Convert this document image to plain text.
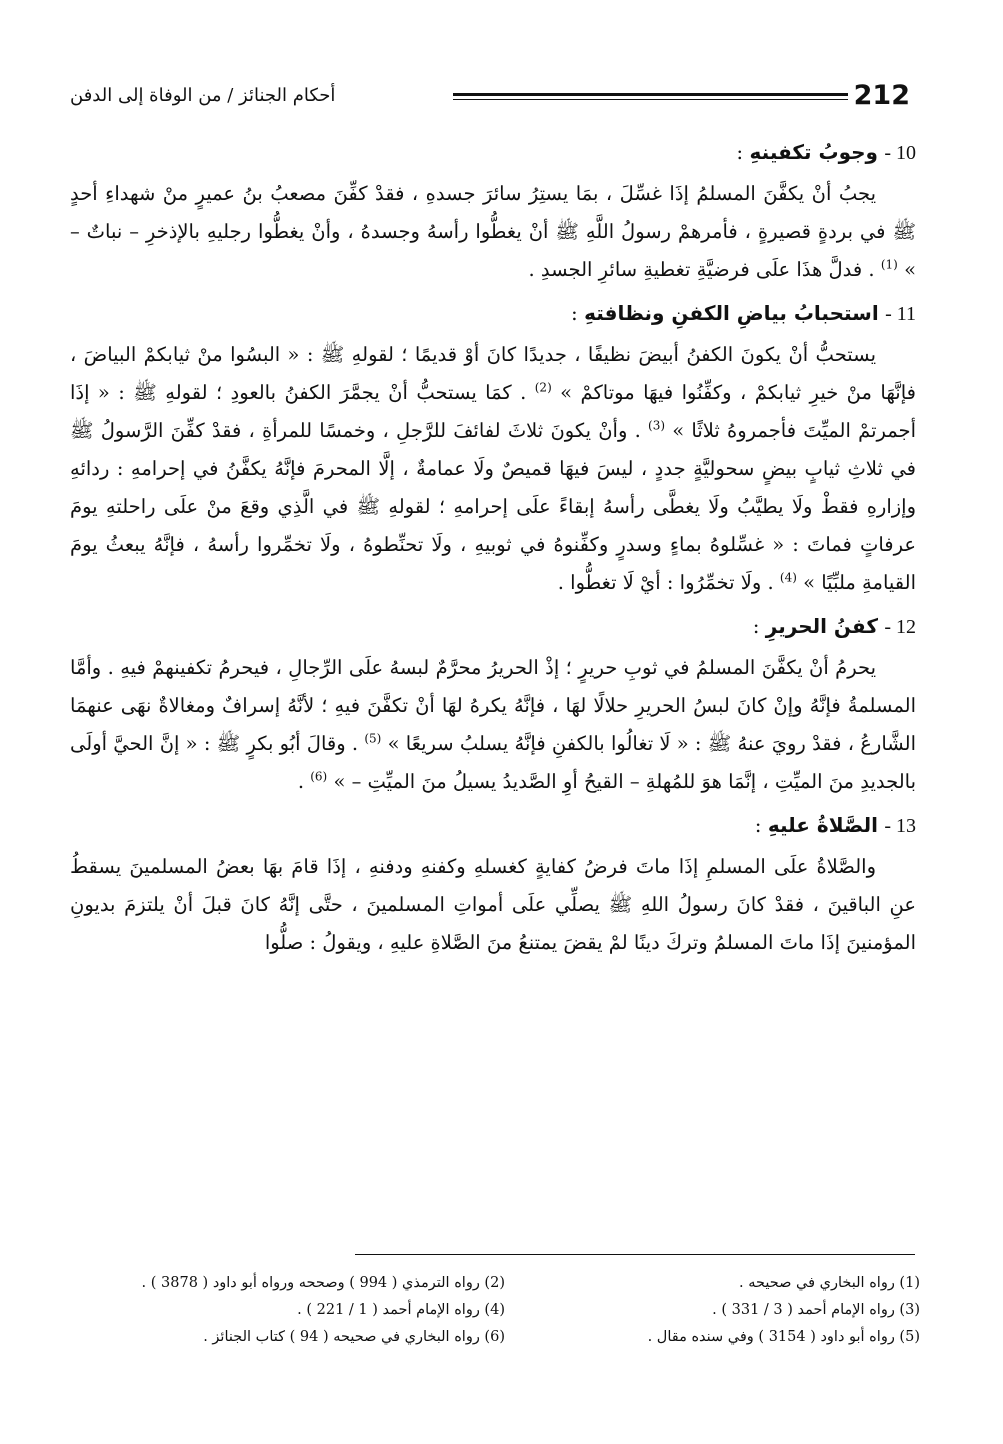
212
أحكام الجنائز / من الوفاة إلى الدفن

10 - وجوبُ تكفينهِ :

يجبُ أنْ يكفَّنَ المسلمُ إذَا غسِّلَ ، بمَا يستِرُ سائرَ جسدهِ ، فقدْ كفِّنَ مصعبُ بنُ عميرٍ منْ شهداءِ أحدٍ ﷺ في بردةٍ قصيرةٍ ، فأمرهمْ رسولُ اللَّهِ ﷺ أنْ يغطُّوا رأسهُ وجسدهُ ، وأنْ يغطُّوا رجليهِ بالإذخرِ – نباتٌ – » $^{(1)}$ . فدلَّ هذَا علَى فرضيَّةِ تغطيةِ سائرِ الجسدِ .

11 - استحبابُ بياضِ الكفنِ ونظافتهِ :

يستحبُّ أنْ يكونَ الكفنُ أبيضَ نظيفًا ، جديدًا كانَ أوْ قديمًا ؛ لقولهِ ﷺ : « البسُوا منْ ثيابكمْ البياضَ ، فإنَّهَا منْ خيرِ ثيابكمْ ، وكفِّنُوا فيهَا موتاكمْ » $^{(2)}$ . كمَا يستحبُّ أنْ يجمَّرَ الكفنُ بالعودِ ؛ لقولهِ ﷺ : « إذَا أجمرتمْ الميِّتَ فأجمروهُ ثلاثًا » $^{(3)}$ . وأنْ يكونَ ثلاثَ لفائفَ للرَّجلِ ، وخمسًا للمرأةِ ، فقدْ كفِّنَ الرَّسولُ ﷺ في ثلاثِ ثيابٍ بيضٍ سحوليَّةٍ جددٍ ، ليسَ فيهَا قميصٌ ولَا عمامةٌ ، إلَّا المحرمَ فإنَّهُ يكفَّنُ في إحرامهِ : ردائهِ وإزارهِ فقطْ ولَا يطيَّبُ ولَا يغطَّى رأسهُ إبقاءً علَى إحرامهِ ؛ لقولهِ ﷺ في الَّذِي وقعَ منْ علَى راحلتهِ يومَ عرفاتٍ فماتَ : « غسِّلوهُ بماءٍ وسدرٍ وكفِّنوهُ في ثوبيهِ ، ولَا تحنِّطوهُ ، ولَا تخمِّروا رأسهُ ، فإنَّهُ يبعثُ يومَ القيامةِ ملبِّيًا » $^{(4)}$ . ولَا تخمِّرُوا : أيْ لَا تغطُّوا .

12 - كفنُ الحريرِ :

يحرمُ أنْ يكفَّنَ المسلمُ في ثوبِ حريرٍ ؛ إذْ الحريرُ محرَّمٌ لبسهُ علَى الرِّجالِ ، فيحرمُ تكفينهمْ فيهِ . وأمَّا المسلمةُ فإنَّهُ وإنْ كانَ لبسُ الحريرِ حلالًا لهَا ، فإنَّهُ يكرهُ لهَا أنْ تكفَّنَ فيهِ ؛ لأنَّهُ إسرافٌ ومغالاةٌ نهَى عنهمَا الشَّارعُ ، فقدْ رويَ عنهُ ﷺ : « لَا تغالُوا بالكفنِ فإنَّهُ يسلبُ سريعًا » $^{(5)}$ . وقالَ أبُو بكرٍ ﷺ : « إنَّ الحيَّ أولَى بالجديدِ منَ الميِّتِ ، إنَّمَا هوَ للمُهلةِ – القيحُ أوِ الصَّديدُ يسيلُ منَ الميِّتِ – » $^{(6)}$ .

13 - الصَّلاةُ عليهِ :

والصَّلاةُ علَى المسلمِ إذَا ماتَ فرضُ كفايةٍ كغسلهِ وكفنهِ ودفنهِ ، إذَا قامَ بهَا بعضُ المسلمينَ يسقطُ عنِ الباقينَ ، فقدْ كانَ رسولُ اللهِ ﷺ يصلِّي علَى أمواتِ المسلمينَ ، حتَّى إنَّهُ كانَ قبلَ أنْ يلتزمَ بديونِ المؤمنينَ إذَا ماتَ المسلمُ وتركَ دينًا لمْ يقضَ يمتنعُ منَ الصَّلاةِ عليهِ ، ويقولُ : صلُّوا

(1) رواه البخاري في صحيحه .
(2) رواه الترمذي ( 994 ) وصححه ورواه أبو داود ( 3878 ) .
(3) رواه الإمام أحمد ( 3 / 331 ) .
(4) رواه الإمام أحمد ( 1 / 221 ) .
(5) رواه أبو داود ( 3154 ) وفي سنده مقال .
(6) رواه البخاري في صحيحه ( 94 ) كتاب الجنائز .
